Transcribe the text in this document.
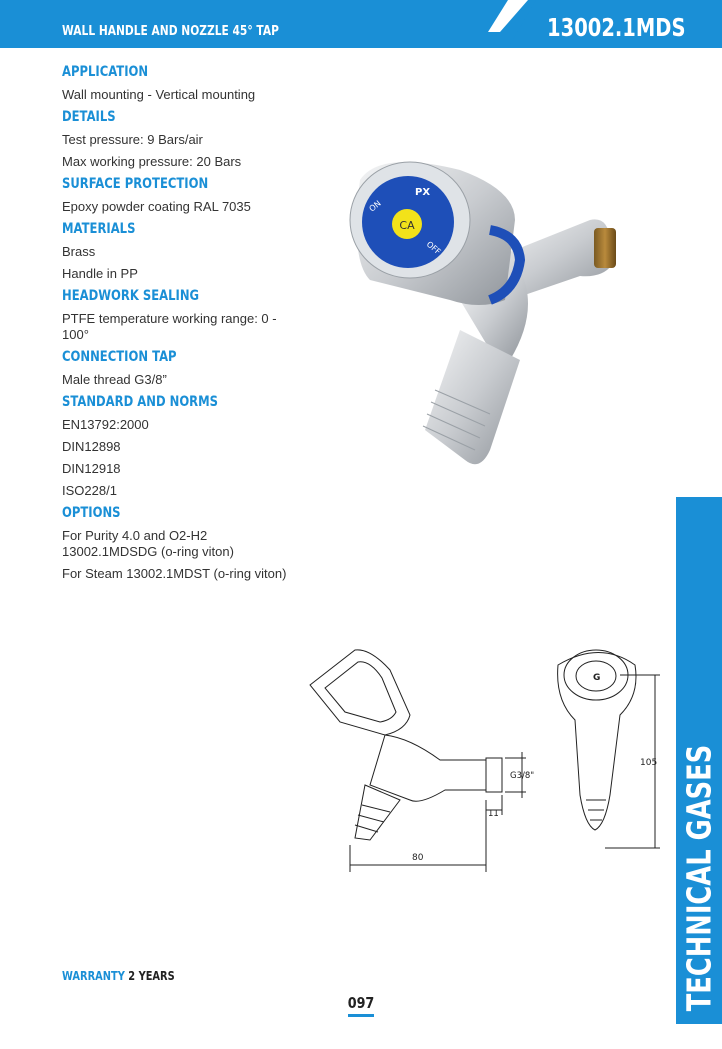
WALL HANDLE AND NOZZLE 45° TAP	13002.1MDS
APPLICATION
Wall mounting - Vertical mounting
DETAILS
Test pressure: 9 Bars/air
Max working pressure: 20 Bars
SURFACE PROTECTION
Epoxy powder coating RAL 7035
MATERIALS
Brass
Handle in PP
HEADWORK SEALING
PTFE temperature working range: 0 - 100°
CONNECTION TAP
Male thread G3/8”
STANDARD AND NORMS
EN13792:2000
DIN12898
DIN12918
ISO228/1
OPTIONS
For Purity 4.0 and O2-H2 13002.1MDSDG (o-ring viton)
For Steam 13002.1MDST (o-ring viton)
CA
ON
OFF
PX
G3/8"
11
80
105
G
TECHNICAL GASES
WARRANTY 2 YEARS
097
